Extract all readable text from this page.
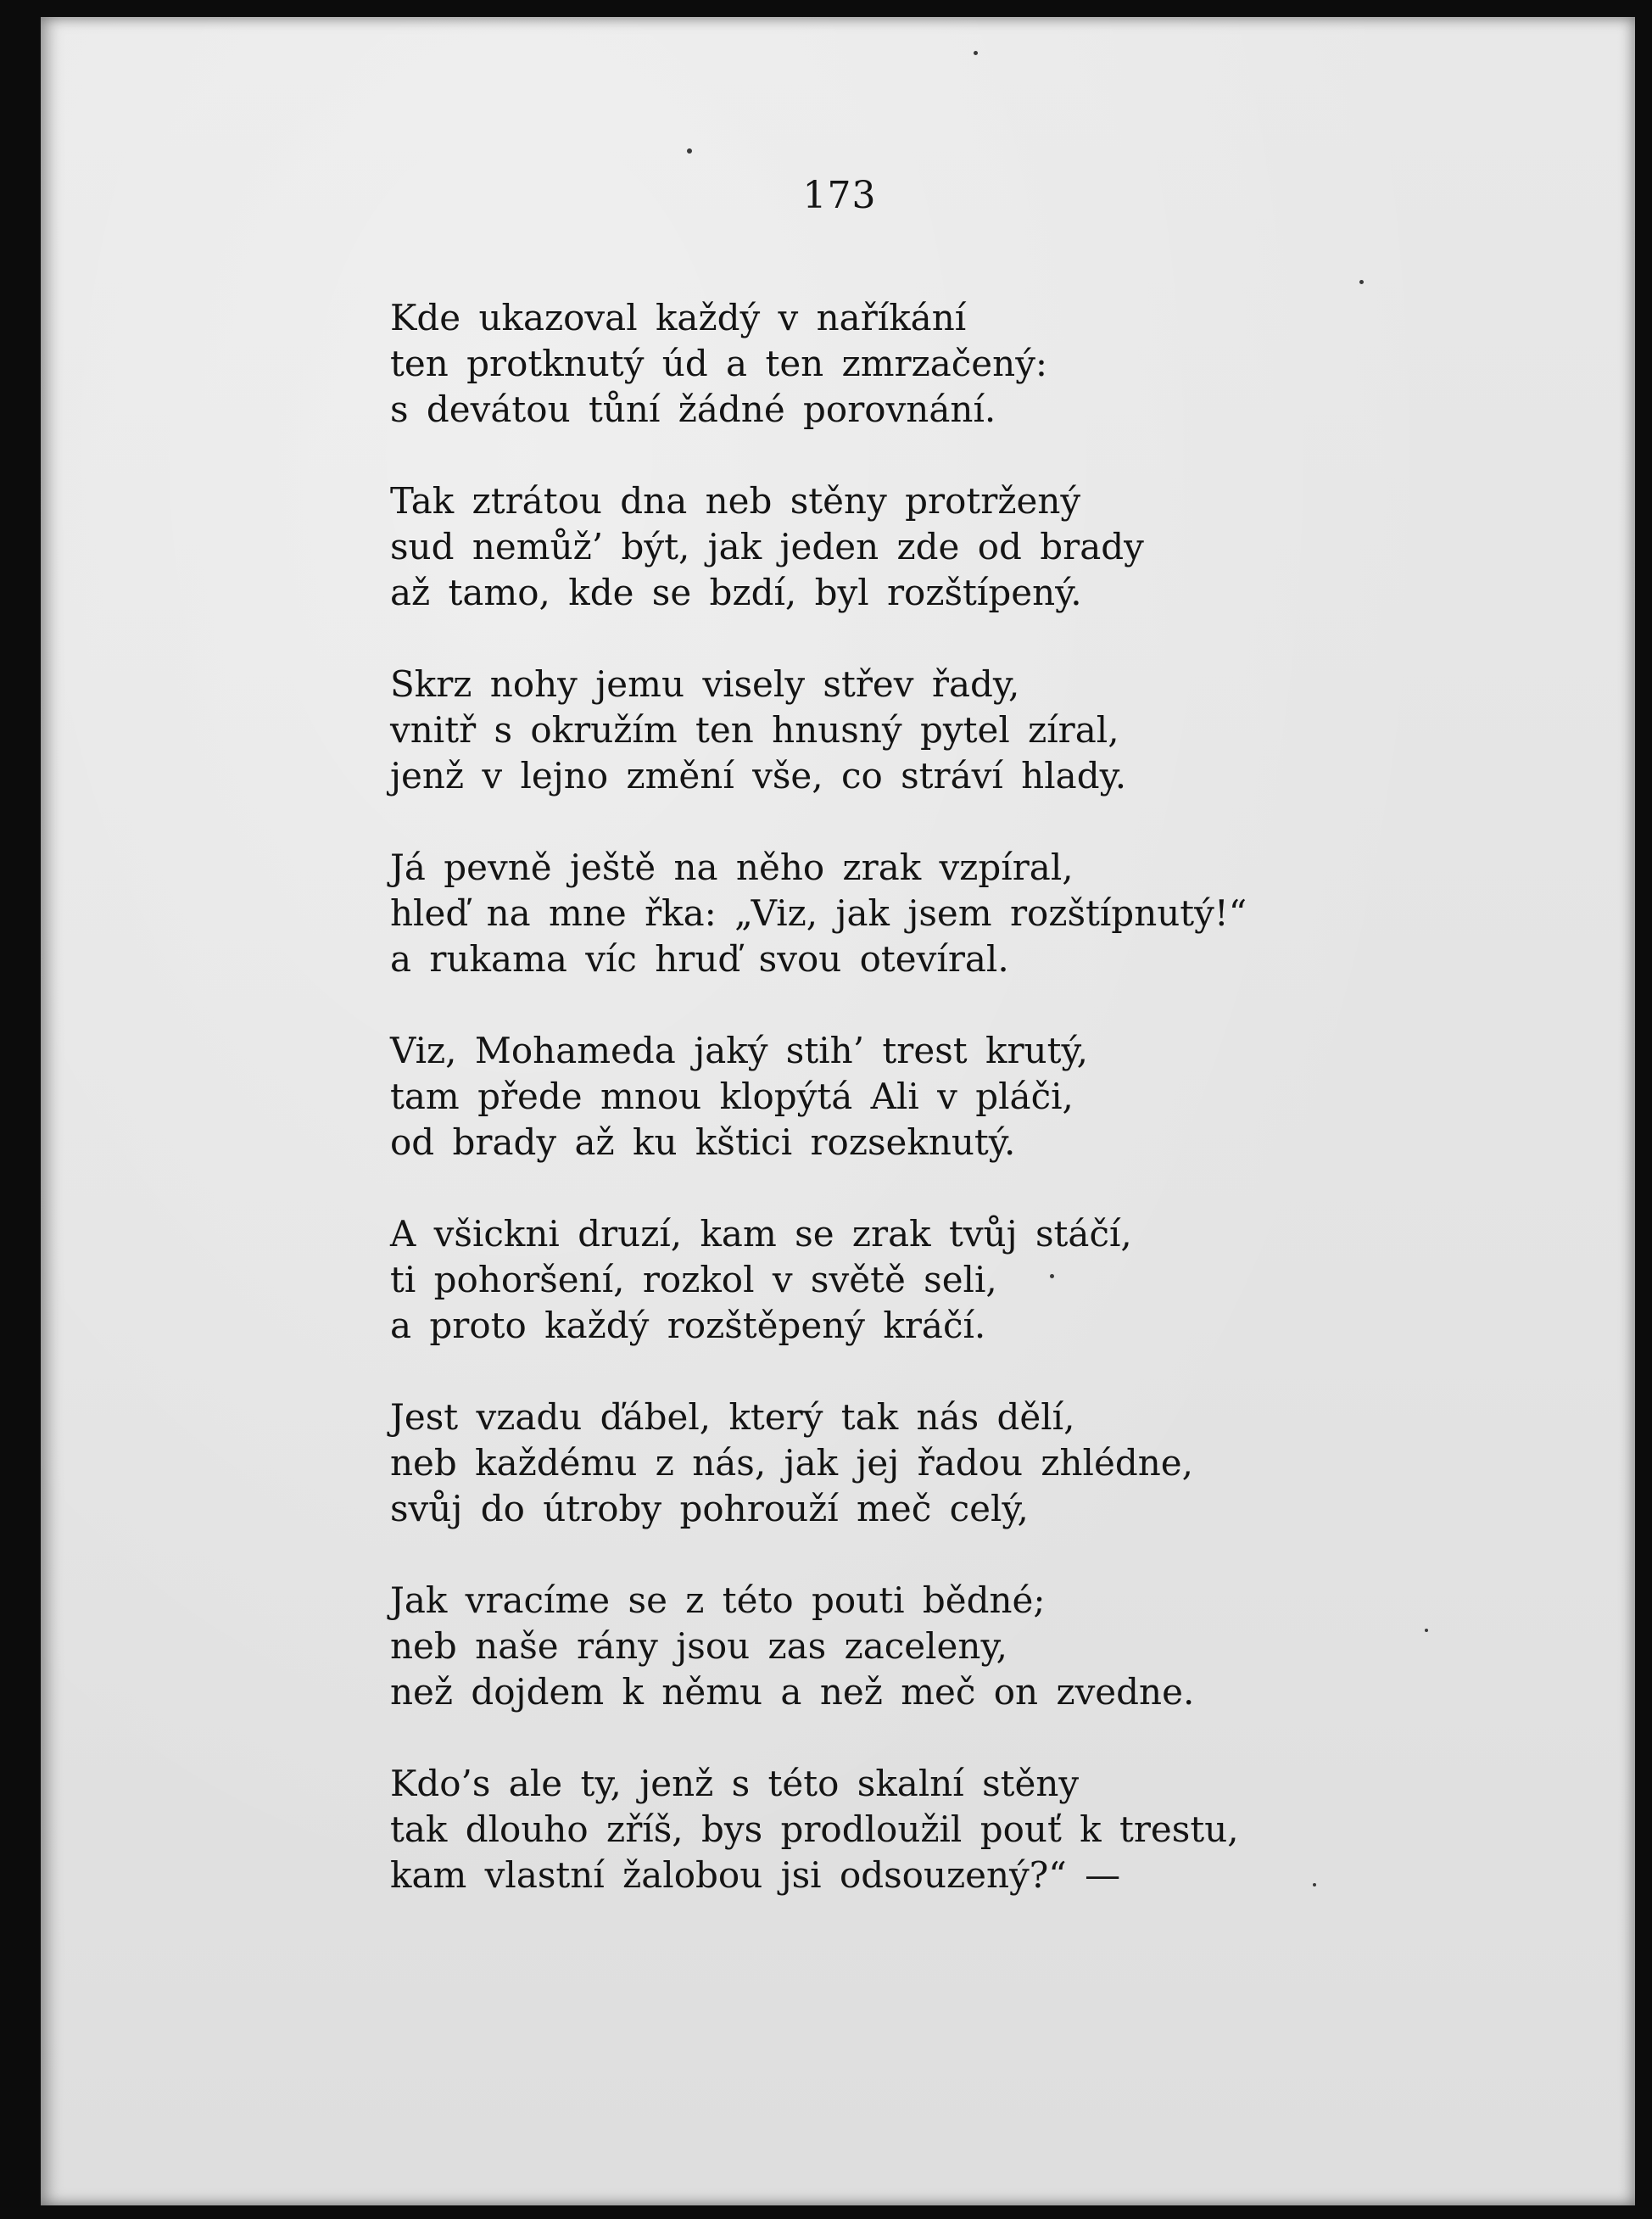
173
Kde ukazoval každý v naříkání
ten protknutý úd a ten zmrzačený:
s devátou tůní žádné porovnání.
Tak ztrátou dna neb stěny protržený
sud nemůž’ být, jak jeden zde od brady
až tamo, kde se bzdí, byl rozštípený.
Skrz nohy jemu visely střev řady,
vnitř s okružím ten hnusný pytel zíral,
jenž v lejno změní vše, co stráví hlady.
Já pevně ještě na něho zrak vzpíral,
hleď na mne řka: „Viz, jak jsem rozštípnutý!“
a rukama víc hruď svou otevíral.
Viz, Mohameda jaký stih’ trest krutý,
tam přede mnou klopýtá Ali v pláči,
od brady až ku kštici rozseknutý.
A všickni druzí, kam se zrak tvůj stáčí,
ti pohoršení, rozkol v světě seli,
a proto každý rozštěpený kráčí.
Jest vzadu ďábel, který tak nás dělí,
neb každému z nás, jak jej řadou zhlédne,
svůj do útroby pohrouží meč celý,
Jak vracíme se z této pouti bědné;
neb naše rány jsou zas zaceleny,
než dojdem k němu a než meč on zvedne.
Kdo’s ale ty, jenž s této skalní stěny
tak dlouho zříš, bys prodloužil pouť k trestu,
kam vlastní žalobou jsi odsouzený?“ —
